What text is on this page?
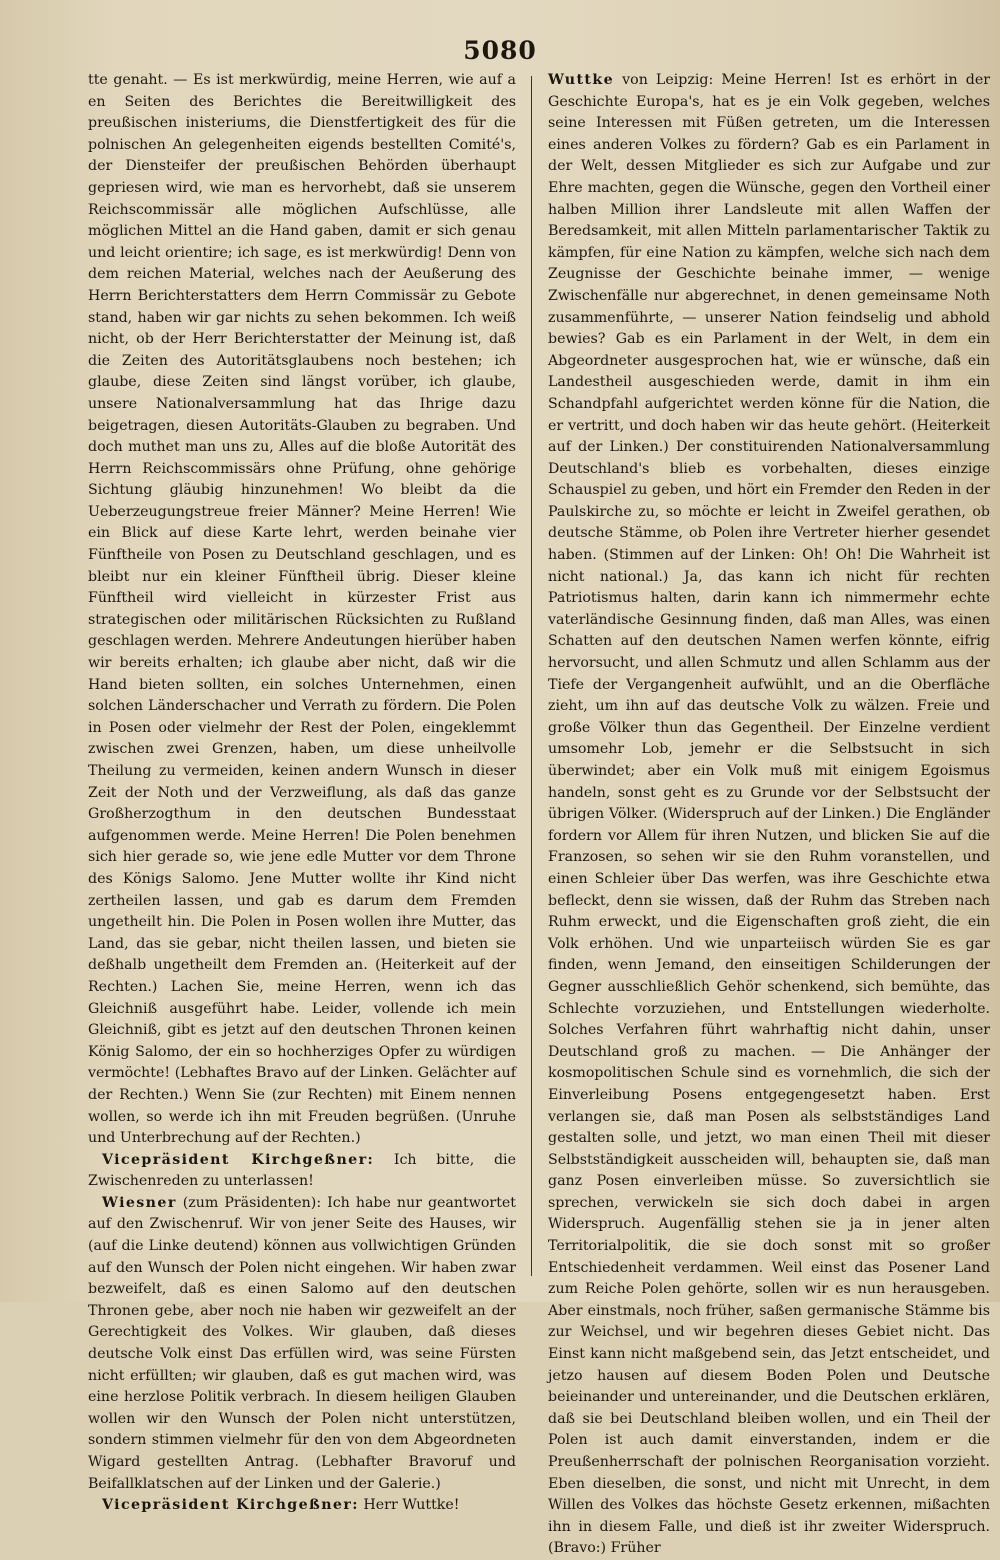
5080

tte genaht. — Es ist merkwürdig, meine Herren, wie auf a en Seiten des Berichtes die Bereitwilligkeit des preußischen inisteriums, die Dienstfertigkeit des für die polnischen An gelegenheiten eigends bestellten Comité's, der Diensteifer der preußischen Behörden überhaupt gepriesen wird, wie man es hervorhebt, daß sie unserem Reichscommissär alle möglichen Aufschlüsse, alle möglichen Mittel an die Hand gaben, damit er sich genau und leicht orientire; ich sage, es ist merkwürdig! Denn von dem reichen Material, welches nach der Aeußerung des Herrn Berichterstatters dem Herrn Commissär zu Gebote stand, haben wir gar nichts zu sehen bekommen. Ich weiß nicht, ob der Herr Berichterstatter der Meinung ist, daß die Zeiten des Autoritätsglaubens noch bestehen; ich glaube, diese Zeiten sind längst vorüber, ich glaube, unsere Nationalversammlung hat das Ihrige dazu beigetragen, diesen Autoritäts-Glauben zu begraben. Und doch muthet man uns zu, Alles auf die bloße Autorität des Herrn Reichscommissärs ohne Prüfung, ohne gehörige Sichtung gläubig hinzunehmen! Wo bleibt da die Ueberzeugungstreue freier Männer? Meine Herren! Wie ein Blick auf diese Karte lehrt, werden beinahe vier Fünftheile von Posen zu Deutschland geschlagen, und es bleibt nur ein kleiner Fünftheil übrig. Dieser kleine Fünftheil wird vielleicht in kürzester Frist aus strategischen oder militärischen Rücksichten zu Rußland geschlagen werden. Mehrere Andeutungen hierüber haben wir bereits erhalten; ich glaube aber nicht, daß wir die Hand bieten sollten, ein solches Unternehmen, einen solchen Länderschacher und Verrath zu fördern. Die Polen in Posen oder vielmehr der Rest der Polen, eingeklemmt zwischen zwei Grenzen, haben, um diese unheilvolle Theilung zu vermeiden, keinen andern Wunsch in dieser Zeit der Noth und der Verzweiflung, als daß das ganze Großherzogthum in den deutschen Bundesstaat aufgenommen werde. Meine Herren! Die Polen benehmen sich hier gerade so, wie jene edle Mutter vor dem Throne des Königs Salomo. Jene Mutter wollte ihr Kind nicht zertheilen lassen, und gab es darum dem Fremden ungetheilt hin. Die Polen in Posen wollen ihre Mutter, das Land, das sie gebar, nicht theilen lassen, und bieten sie deßhalb ungetheilt dem Fremden an. (Heiterkeit auf der Rechten.) Lachen Sie, meine Herren, wenn ich das Gleichniß ausgeführt habe. Leider, vollende ich mein Gleichniß, gibt es jetzt auf den deutschen Thronen keinen König Salomo, der ein so hochherziges Opfer zu würdigen vermöchte! (Lebhaftes Bravo auf der Linken. Gelächter auf der Rechten.) Wenn Sie (zur Rechten) mit Einem nennen wollen, so werde ich ihn mit Freuden begrüßen. (Unruhe und Unterbrechung auf der Rechten.)

Vicepräsident Kirchgeßner: Ich bitte, die Zwischenreden zu unterlassen!

Wiesner (zum Präsidenten): Ich habe nur geantwortet auf den Zwischenruf. Wir von jener Seite des Hauses, wir (auf die Linke deutend) können aus vollwichtigen Gründen auf den Wunsch der Polen nicht eingehen. Wir haben zwar bezweifelt, daß es einen Salomo auf den deutschen Thronen gebe, aber noch nie haben wir gezweifelt an der Gerechtigkeit des Volkes. Wir glauben, daß dieses deutsche Volk einst Das erfüllen wird, was seine Fürsten nicht erfüllten; wir glauben, daß es gut machen wird, was eine herzlose Politik verbrach. In diesem heiligen Glauben wollen wir den Wunsch der Polen nicht unterstützen, sondern stimmen vielmehr für den von dem Abgeordneten Wigard gestellten Antrag. (Lebhafter Bravoruf und Beifallklatschen auf der Linken und der Galerie.)

Vicepräsident Kirchgeßner: Herr Wuttke!

Wuttke von Leipzig: Meine Herren! Ist es erhört in der Geschichte Europa's, hat es je ein Volk gegeben, welches seine Interessen mit Füßen getreten, um die Interessen eines anderen Volkes zu fördern? Gab es ein Parlament in der Welt, dessen Mitglieder es sich zur Aufgabe und zur Ehre machten, gegen die Wünsche, gegen den Vortheil einer halben Million ihrer Landsleute mit allen Waffen der Beredsamkeit, mit allen Mitteln parlamentarischer Taktik zu kämpfen, für eine Nation zu kämpfen, welche sich nach dem Zeugnisse der Geschichte beinahe immer, — wenige Zwischenfälle nur abgerechnet, in denen gemeinsame Noth zusammenführte, — unserer Nation feindselig und abhold bewies? Gab es ein Parlament in der Welt, in dem ein Abgeordneter ausgesprochen hat, wie er wünsche, daß ein Landestheil ausgeschieden werde, damit in ihm ein Schandpfahl aufgerichtet werden könne für die Nation, die er vertritt, und doch haben wir das heute gehört. (Heiterkeit auf der Linken.) Der constituirenden Nationalversammlung Deutschland's blieb es vorbehalten, dieses einzige Schauspiel zu geben, und hört ein Fremder den Reden in der Paulskirche zu, so möchte er leicht in Zweifel gerathen, ob deutsche Stämme, ob Polen ihre Vertreter hierher gesendet haben. (Stimmen auf der Linken: Oh! Oh! Die Wahrheit ist nicht national.) Ja, das kann ich nicht für rechten Patriotismus halten, darin kann ich nimmermehr echte vaterländische Gesinnung finden, daß man Alles, was einen Schatten auf den deutschen Namen werfen könnte, eifrig hervorsucht, und allen Schmutz und allen Schlamm aus der Tiefe der Vergangenheit aufwühlt, und an die Oberfläche zieht, um ihn auf das deutsche Volk zu wälzen. Freie und große Völker thun das Gegentheil. Der Einzelne verdient umsomehr Lob, jemehr er die Selbstsucht in sich überwindet; aber ein Volk muß mit einigem Egoismus handeln, sonst geht es zu Grunde vor der Selbstsucht der übrigen Völker. (Widerspruch auf der Linken.) Die Engländer fordern vor Allem für ihren Nutzen, und blicken Sie auf die Franzosen, so sehen wir sie den Ruhm voranstellen, und einen Schleier über Das werfen, was ihre Geschichte etwa befleckt, denn sie wissen, daß der Ruhm das Streben nach Ruhm erweckt, und die Eigenschaften groß zieht, die ein Volk erhöhen. Und wie unparteiisch würden Sie es gar finden, wenn Jemand, den einseitigen Schilderungen der Gegner ausschließlich Gehör schenkend, sich bemühte, das Schlechte vorzuziehen, und Entstellungen wiederholte. Solches Verfahren führt wahrhaftig nicht dahin, unser Deutschland groß zu machen. — Die Anhänger der kosmopolitischen Schule sind es vornehmlich, die sich der Einverleibung Posens entgegengesetzt haben. Erst verlangen sie, daß man Posen als selbstständiges Land gestalten solle, und jetzt, wo man einen Theil mit dieser Selbstständigkeit ausscheiden will, behaupten sie, daß man ganz Posen einverleiben müsse. So zuversichtlich sie sprechen, verwickeln sie sich doch dabei in argen Widerspruch. Augenfällig stehen sie ja in jener alten Territorialpolitik, die sie doch sonst mit so großer Entschiedenheit verdammen. Weil einst das Posener Land zum Reiche Polen gehörte, sollen wir es nun herausgeben. Aber einstmals, noch früher, saßen germanische Stämme bis zur Weichsel, und wir begehren dieses Gebiet nicht. Das Einst kann nicht maßgebend sein, das Jetzt entscheidet, und jetzo hausen auf diesem Boden Polen und Deutsche beieinander und untereinander, und die Deutschen erklären, daß sie bei Deutschland bleiben wollen, und ein Theil der Polen ist auch damit einverstanden, indem er die Preußenherrschaft der polnischen Reorganisation vorzieht. Eben dieselben, die sonst, und nicht mit Unrecht, in dem Willen des Volkes das höchste Gesetz erkennen, mißachten ihn in diesem Falle, und dieß ist ihr zweiter Widerspruch. (Bravo:) Früher
